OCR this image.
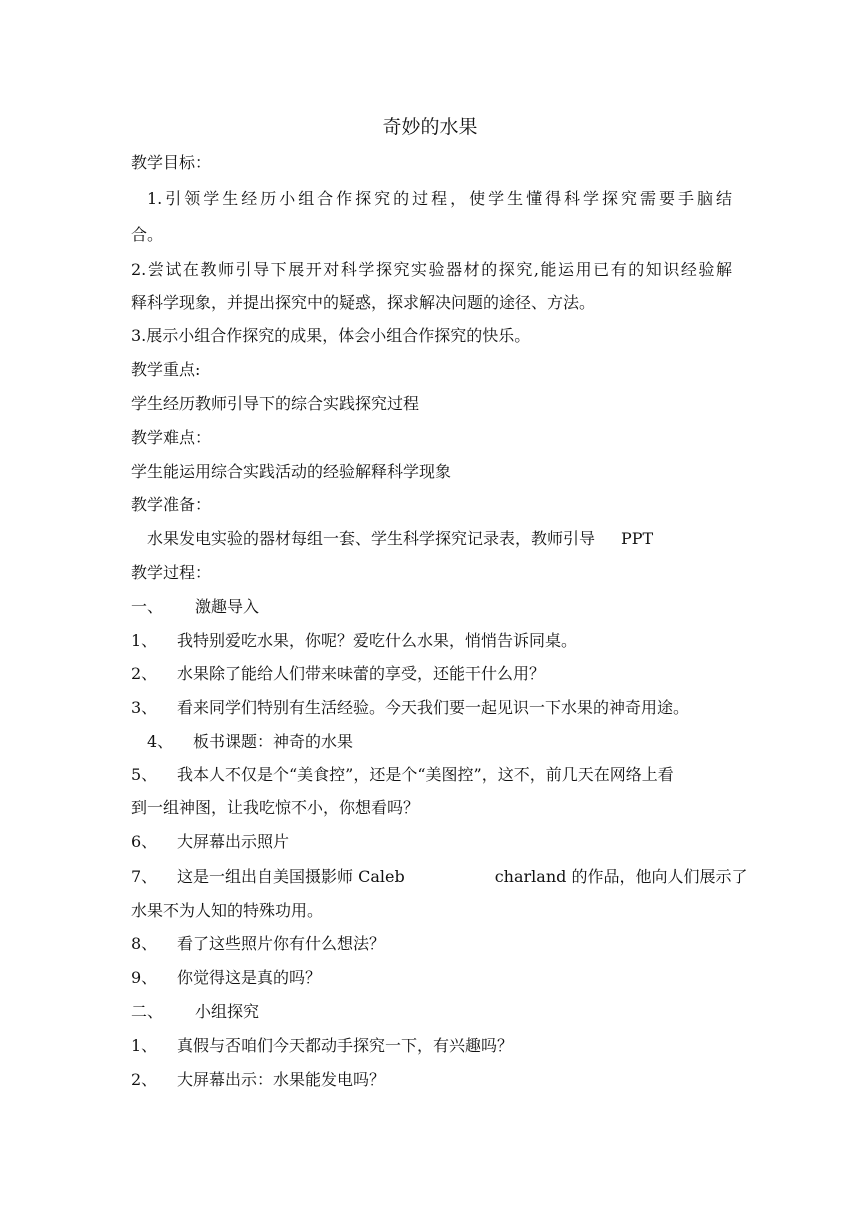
奇妙的水果
教学目标：
1.引领学生经历小组合作探究的过程，使学生懂得科学探究需要手脑结
合。
2.尝试在教师引导下展开对科学探究实验器材的探究,能运用已有的知识经验解
释科学现象，并提出探究中的疑惑，探求解决问题的途径、方法。
3.展示小组合作探究的成果，体会小组合作探究的快乐。
教学重点:
学生经历教师引导下的综合实践探究过程
教学难点：
学生能运用综合实践活动的经验解释科学现象
教学准备：
水果发电实验的器材每组一套、学生科学探究记录表，教师引导 PPT
教学过程：
一、 激趣导入
1、 我特别爱吃水果，你呢？爱吃什么水果，悄悄告诉同桌。
2、 水果除了能给人们带来味蕾的享受，还能干什么用？
3、 看来同学们特别有生活经验。今天我们要一起见识一下水果的神奇用途。
4、 板书课题：神奇的水果
5、 我本人不仅是个“美食控”，还是个“美图控”，这不，前几天在网络上看
到一组神图，让我吃惊不小，你想看吗？
6、 大屏幕出示照片
7、 这是一组出自美国摄影师 Caleb	charland 的作品，他向人们展示了
水果不为人知的特殊功用。
8、 看了这些照片你有什么想法？
9、 你觉得这是真的吗？
二、 小组探究
1、 真假与否咱们今天都动手探究一下，有兴趣吗？
2、 大屏幕出示：水果能发电吗？
